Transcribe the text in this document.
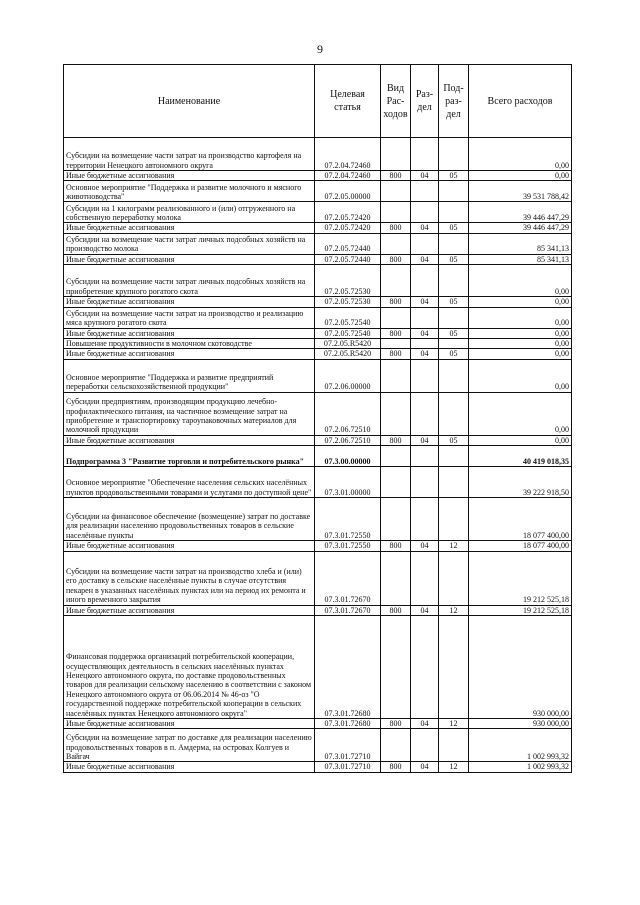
9
Наименование	Целевая статья	Вид Рас-ходов	Раз-дел	Под-раз-дел	Всего расходов
Субсидии на возмещение части затрат на производство картофеля на территории Ненецкого автономного округа	07.2.04.72460				0,00
Иные бюджетные ассигнования	07.2.04.72460	800	04	05	0,00
Основное мероприятие "Поддержка и развитие молочного и мясного животноводства"	07.2.05.00000				39 531 788,42
Субсидии на 1 килограмм реализованного и (или) отгруженного на собственную переработку молока	07.2.05.72420				39 446 447,29
Иные бюджетные ассигнования	07.2.05.72420	800	04	05	39 446 447,29
Субсидии на возмещение части затрат личных подсобных хозяйств на производство молока	07.2.05.72440				85 341,13
Иные бюджетные ассигнования	07.2.05.72440	800	04	05	85 341,13
Субсидии на возмещение части затрат личных подсобных хозяйств на приобретение крупного рогатого скота	07.2.05.72530				0,00
Иные бюджетные ассигнования	07.2.05.72530	800	04	05	0,00
Субсидии на возмещение части затрат на производство и реализацию мяса крупного рогатого скота	07.2.05.72540				0,00
Иные бюджетные ассигнования	07.2.05.72540	800	04	05	0,00
Повышение продуктивности в молочном скотоводстве	07.2.05.R5420				0,00
Иные бюджетные ассигнования	07.2.05.R5420	800	04	05	0,00
Основное мероприятие "Поддержка и развитие предприятий переработки сельскохозяйственной продукции"	07.2.06.00000				0,00
Субсидии предприятиям, производящим продукцию лечебно-профилактического питания, на частичное возмещение затрат на приобретение и транспортировку тароупаковочных материалов для молочной продукции	07.2.06.72510				0,00
Иные бюджетные ассигнования	07.2.06.72510	800	04	05	0,00
Подпрограмма 3 "Развитие торговли и потребительского рынка"	07.3.00.00000				40 419 018,35
Основное мероприятие "Обеспечение населения сельских населённых пунктов продовольственными товарами и услугами по доступной цене"	07.3.01.00000				39 222 918,50
Субсидии на финансовое обеспечение (возмещение) затрат по доставке для реализации населению продовольственных товаров в сельские населённые пункты	07.3.01.72550				18 077 400,00
Иные бюджетные ассигнования	07.3.01.72550	800	04	12	18 077 400,00
Субсидии на возмещение части затрат на производство хлеба и (или) его доставку в сельские населённые пункты в случае отсутствия пекарен в указанных населённых пунктах или на период их ремонта и иного временного закрытия	07.3.01.72670				19 212 525,18
Иные бюджетные ассигнования	07.3.01.72670	800	04	12	19 212 525,18
Финансовая поддержка организаций потребительской кооперации, осуществляющих деятельность в сельских населённых пунктах Ненецкого автономного округа, по доставке продовольственных товаров для реализации сельскому населению в соответствии с законом Ненецкого автономного округа от 06.06.2014 № 46-оз "О государственной поддержке потребительской кооперации в сельских населённых пунктах Ненецкого автономного округа"	07.3.01.72680				930 000,00
Иные бюджетные ассигнования	07.3.01.72680	800	04	12	930 000,00
Субсидии на возмещение затрат по доставке для реализации населению продовольственных товаров в п. Амдерма, на островах Колгуев и Вайгач	07.3.01.72710				1 002 993,32
Иные бюджетные ассигнования	07.3.01.72710	800	04	12	1 002 993,32
